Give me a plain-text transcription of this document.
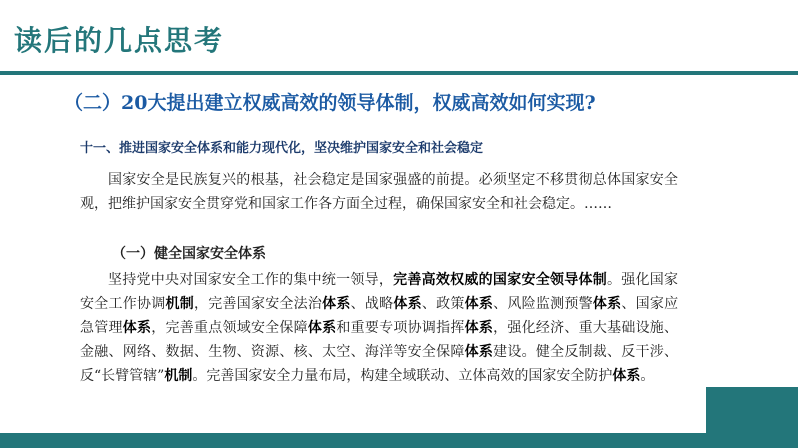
读后的几点思考
（二）20大提出建立权威高效的领导体制，权威高效如何实现?
十一、推进国家安全体系和能力现代化，坚决维护国家安全和社会稳定

国家安全是民族复兴的根基，社会稳定是国家强盛的前提。必须坚定不移贯彻总体国家安全观，把维护国家安全贯穿党和国家工作各方面全过程，确保国家安全和社会稳定。……

（一）健全国家安全体系

坚持党中央对国家安全工作的集中统一领导，完善高效权威的国家安全领导体制。强化国家安全工作协调机制，完善国家安全法治体系、战略体系、政策体系、风险监测预警体系、国家应急管理体系，完善重点领域安全保障体系和重要专项协调指挥体系，强化经济、重大基础设施、金融、网络、数据、生物、资源、核、太空、海洋等安全保障体系建设。健全反制裁、反干涉、反“长臂管辖”机制。完善国家安全力量布局，构建全域联动、立体高效的国家安全防护体系。
